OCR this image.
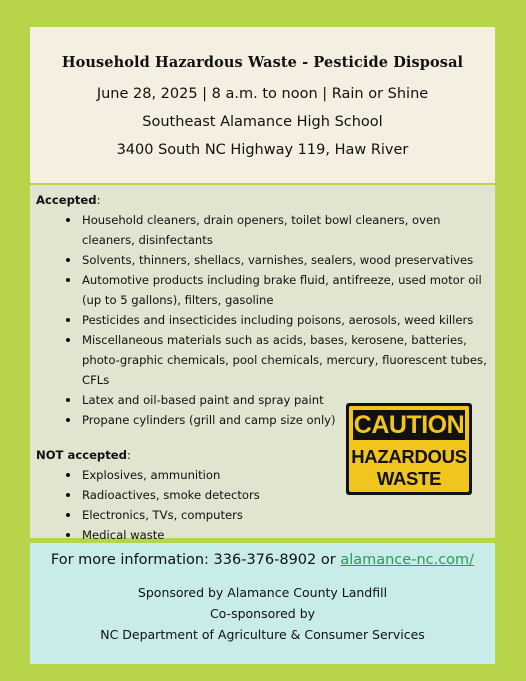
Household Hazardous Waste - Pesticide Disposal
June 28, 2025 | 8 a.m. to noon | Rain or Shine
Southeast Alamance High School
3400 South NC Highway 119, Haw River
Accepted:
Household cleaners, drain openers, toilet bowl cleaners, oven cleaners, disinfectants
Solvents, thinners, shellacs, varnishes, sealers, wood preservatives
Automotive products including brake fluid, antifreeze, used motor oil (up to 5 gallons), filters, gasoline
Pesticides and insecticides including poisons, aerosols, weed killers
Miscellaneous materials such as acids, bases, kerosene, batteries, photo-graphic chemicals, pool chemicals, mercury, fluorescent tubes, CFLs
Latex and oil-based paint and spray paint
Propane cylinders (grill and camp size only)
NOT accepted:
Explosives, ammunition
Radioactives, smoke detectors
Electronics, TVs, computers
Medical waste
CAUTION
HAZARDOUS
WASTE
For more information: 336-376-8902 or alamance-nc.com/
Sponsored by Alamance County Landfill
Co-sponsored by
NC Department of Agriculture & Consumer Services
